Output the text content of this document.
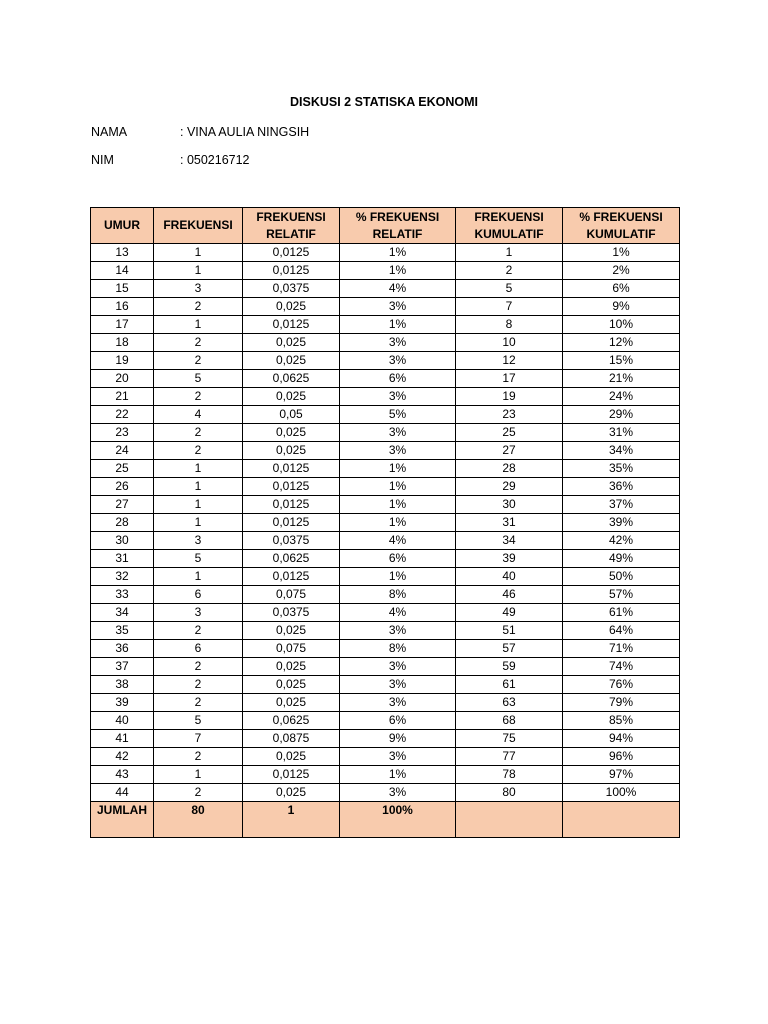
DISKUSI 2 STATISKA EKONOMI
NAMA	: VINA AULIA NINGSIH
NIM	: 050216712
UMUR	FREKUENSI	FREKUENSI RELATIF	% FREKUENSI RELATIF	FREKUENSI KUMULATIF	% FREKUENSI KUMULATIF
13	1	0,0125	1%	1	1%
14	1	0,0125	1%	2	2%
15	3	0,0375	4%	5	6%
16	2	0,025	3%	7	9%
17	1	0,0125	1%	8	10%
18	2	0,025	3%	10	12%
19	2	0,025	3%	12	15%
20	5	0,0625	6%	17	21%
21	2	0,025	3%	19	24%
22	4	0,05	5%	23	29%
23	2	0,025	3%	25	31%
24	2	0,025	3%	27	34%
25	1	0,0125	1%	28	35%
26	1	0,0125	1%	29	36%
27	1	0,0125	1%	30	37%
28	1	0,0125	1%	31	39%
30	3	0,0375	4%	34	42%
31	5	0,0625	6%	39	49%
32	1	0,0125	1%	40	50%
33	6	0,075	8%	46	57%
34	3	0,0375	4%	49	61%
35	2	0,025	3%	51	64%
36	6	0,075	8%	57	71%
37	2	0,025	3%	59	74%
38	2	0,025	3%	61	76%
39	2	0,025	3%	63	79%
40	5	0,0625	6%	68	85%
41	7	0,0875	9%	75	94%
42	2	0,025	3%	77	96%
43	1	0,0125	1%	78	97%
44	2	0,025	3%	80	100%
JUMLAH	80	1	100%		
